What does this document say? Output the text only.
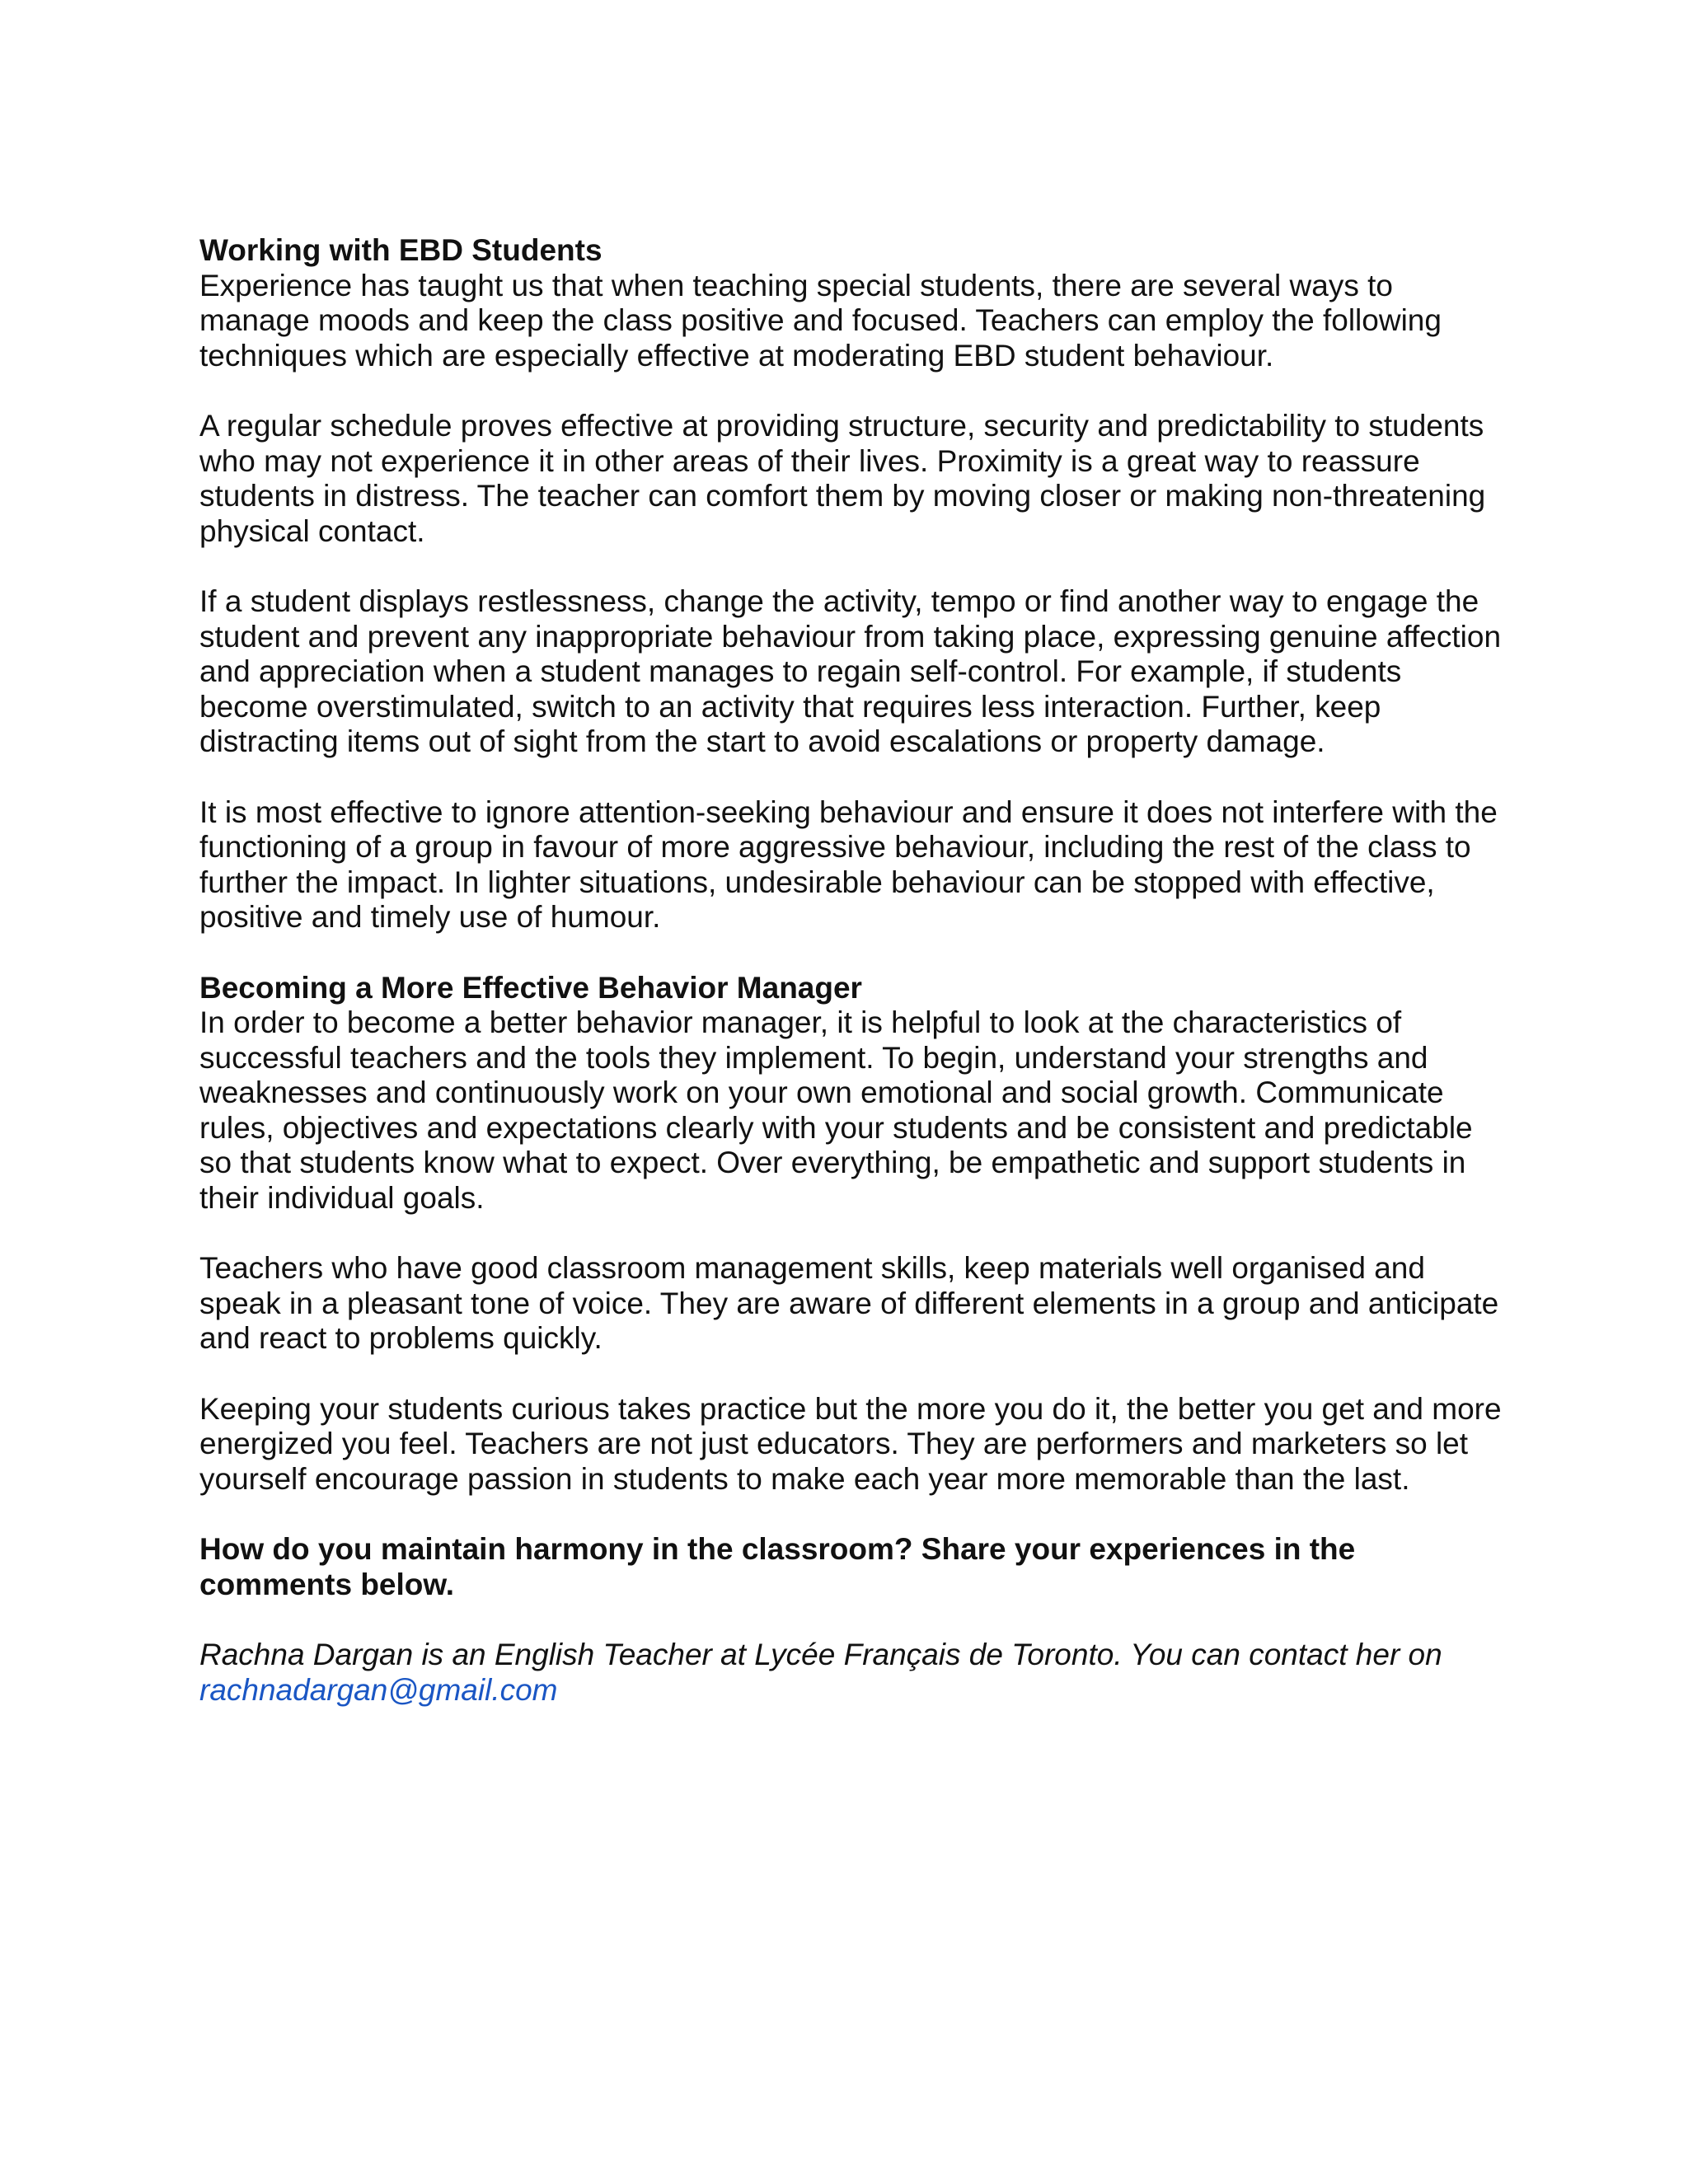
Working with EBD Students

Experience has taught us that when teaching special students, there are several ways to manage moods and keep the class positive and focused. Teachers can employ the following techniques which are especially effective at moderating EBD student behaviour.

A regular schedule proves effective at providing structure, security and predictability to students who may not experience it in other areas of their lives. Proximity is a great way to reassure students in distress. The teacher can comfort them by moving closer or making non-threatening physical contact.

If a student displays restlessness, change the activity, tempo or find another way to engage the student and prevent any inappropriate behaviour from taking place, expressing genuine affection and appreciation when a student manages to regain self-control. For example, if students become overstimulated, switch to an activity that requires less interaction. Further, keep distracting items out of sight from the start to avoid escalations or property damage.

It is most effective to ignore attention-seeking behaviour and ensure it does not interfere with the functioning of a group in favour of more aggressive behaviour, including the rest of the class to further the impact. In lighter situations, undesirable behaviour can be stopped with effective, positive and timely use of humour.

Becoming a More Effective Behavior Manager

In order to become a better behavior manager, it is helpful to look at the characteristics of successful teachers and the tools they implement. To begin, understand your strengths and weaknesses and continuously work on your own emotional and social growth. Communicate rules, objectives and expectations clearly with your students and be consistent and predictable so that students know what to expect. Over everything, be empathetic and support students in their individual goals.

Teachers who have good classroom management skills, keep materials well organised and speak in a pleasant tone of voice. They are aware of different elements in a group and anticipate and react to problems quickly.

Keeping your students curious takes practice but the more you do it, the better you get and more energized you feel. Teachers are not just educators. They are performers and marketers so let yourself encourage passion in students to make each year more memorable than the last.

How do you maintain harmony in the classroom? Share your experiences in the comments below.

Rachna Dargan is an English Teacher at Lycée Français de Toronto. You can contact her on rachnadargan@gmail.com
